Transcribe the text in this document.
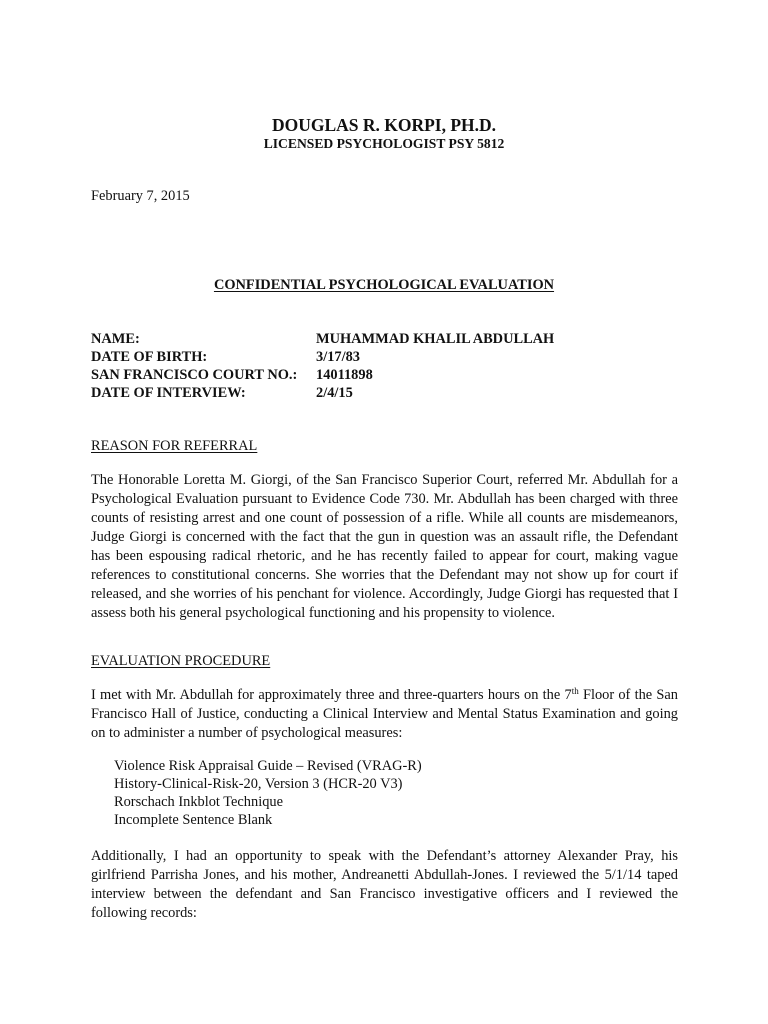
DOUGLAS R. KORPI, PH.D.
LICENSED PSYCHOLOGIST PSY 5812
February 7, 2015
CONFIDENTIAL PSYCHOLOGICAL EVALUATION
NAME:	MUHAMMAD KHALIL ABDULLAH
DATE OF BIRTH:	3/17/83
SAN FRANCISCO COURT NO.: 14011898
DATE OF INTERVIEW:	2/4/15
REASON FOR REFERRAL

The Honorable Loretta M. Giorgi, of the San Francisco Superior Court, referred Mr. Abdullah for a Psychological Evaluation pursuant to Evidence Code 730. Mr. Abdullah has been charged with three counts of resisting arrest and one count of possession of a rifle. While all counts are misdemeanors, Judge Giorgi is concerned with the fact that the gun in question was an assault rifle, the Defendant has been espousing radical rhetoric, and he has recently failed to appear for court, making vague references to constitutional concerns. She worries that the Defendant may not show up for court if released, and she worries of his penchant for violence. Accordingly, Judge Giorgi has requested that I assess both his general psychological functioning and his propensity to violence.

EVALUATION PROCEDURE

I met with Mr. Abdullah for approximately three and three-quarters hours on the 7th Floor of the San Francisco Hall of Justice, conducting a Clinical Interview and Mental Status Examination and going on to administer a number of psychological measures:

Violence Risk Appraisal Guide – Revised (VRAG-R)
History-Clinical-Risk-20, Version 3 (HCR-20 V3)
Rorschach Inkblot Technique
Incomplete Sentence Blank

Additionally, I had an opportunity to speak with the Defendant’s attorney Alexander Pray, his girlfriend Parrisha Jones, and his mother, Andreanetti Abdullah-Jones. I reviewed the 5/1/14 taped interview between the defendant and San Francisco investigative officers and I reviewed the following records:
